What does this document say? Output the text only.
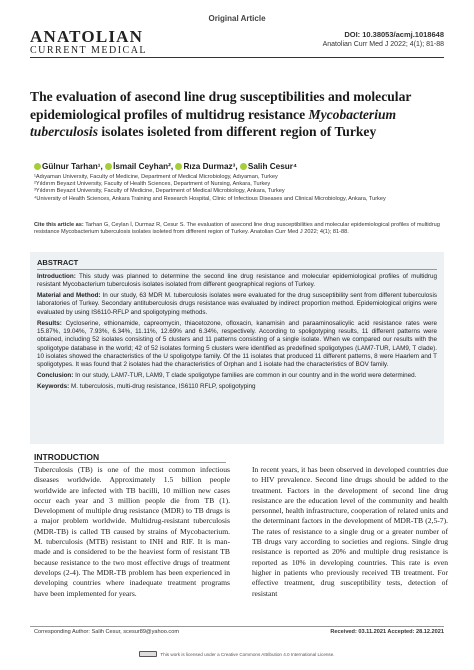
Original Article
ANATOLIAN
CURRENT MEDICAL
DOI: 10.38053/acmj.1018648
Anatolian Curr Med J 2022; 4(1); 81-88
The evaluation of asecond line drug susceptibilities and molecular epidemiological profiles of multidrug resistance Mycobacterium tuberculosis isolates isoleted from different region of Turkey
Gülnur Tarhan¹, İsmail Ceyhan², Rıza Durmaz³, Salih Cesur⁴
¹Adıyaman University, Faculty of Medicine, Department of Medical Microbiology, Adıyaman, Turkey
²Yıldırım Beyazıt University, Faculty of Health Sciences, Department of Nursing, Ankara, Turkey
³Yıldırım Beyazıt University, Faculty of Medicine, Department of Medical Microbiology, Ankara, Turkey
⁴University of Health Sciences, Ankara Training and Research Hospital, Clinic of Infectious Diseases and Clinical Microbiology, Ankara, Turkey
Cite this article as: Tarhan G, Ceylan İ, Durmaz R, Cesur S. The evaluation of asecond line drug susceptibilities and molecular epidemiological profiles of multidrug resistance Mycobacterium tuberculosis isolates isoleted from different region of Turkey. Anatolian Curr Med J 2022; 4(1); 81-88.
ABSTRACT

Introduction: This study was planned to determine the second line drug resistance and molecular epidemiological profiles of multidrug resistant Mycobacterium tuberculosis isolates isolated from different geographical regions of Turkey.

Material and Method: In our study, 63 MDR M. tuberculosis isolates were evaluated for the drug susceptibility sent from different tuberculosis laboratories of Turkey. Secondary antituberculosis drugs resistance was evaluated by indirect proportion method. Epidemiological origins were evaluated by using IS6110-RFLP and spoligotyping methods.

Results: Cycloserine, ethionamide, capreomycin, thiacetozone, ofloxacin, kanamisin and paraaminosalicylic acid resistance rates were 15.87%, 19.04%, 7.93%, 6.34%, 11.11%, 12.69% and 6.34%, respectively. According to spoligotyping results, 11 different patterns were obtained, including 52 isolates consisting of 5 clusters and 11 patterns consisting of a single isolate. When we compared our results with the spoligotype database in the world; 42 of 52 isolates forming 5 clusters were identified as predefined spoligotypes (LAM7-TUR, LAM9, T clade). 10 isolates showed the characteristics of the U spoligotype family. Of the 11 isolates that produced 11 different patterns, 8 were Haarlem and T spoligotypes. It was found that 2 isolates had the characteristics of Orphan and 1 isolate had the characteristics of BOV family.

Conclusion: In our study, LAM7-TUR, LAM9, T clade spoligotype families are common in our country and in the world were determined.

Keywords: M. tuberculosis, multi-drug resistance, IS6110 RFLP, spoligotyping

INTRODUCTION

Tuberculosis (TB) is one of the most common infectious diseases worldwide. Approximately 1.5 billion people worldwide are infected with TB bacilli, 10 million new cases occur each year and 3 million people die from TB (1). Development of multiple drug resistance (MDR) to TB drugs is a major problem worldwide. Multidrug-resistant tuberculosis (MDR-TB) is called TB caused by strains of Mycobacterium. M. tuberculosis (MTB) resistant to INH and RIF. It is man-made and is considered to be the heaviest form of resistant TB because resistance to the two most effective drugs of treatment develops (2-4). The MDR-TB problem has been experienced in developing countries where inadequate treatment programs have been implemented for years.

In recent years, it has been observed in developed countries due to HIV prevalence. Second line drugs should be added to the treatment. Factors in the development of second line drug resistance are the education level of the community and health personnel, health infrastructure, cooperation of related units and the determinant factors in the development of MDR-TB (2,5-7). The rates of resistance to a single drug or a greater number of TB drugs vary according to societies and regions. Single drug resistance is reported as 20% and multiple drug resistance is reported as 10% in developing countries. This rate is even higher in patients who previously received TB treatment. For effective treatment, drug susceptibility tests, detection of resistant

Corresponding Author: Salih Cesur, scesur89@yahoo.com	Received: 03.11.2021 Accepted: 28.12.2021
This work is licensed under a Creative Commons Attribution 4.0 International License.
